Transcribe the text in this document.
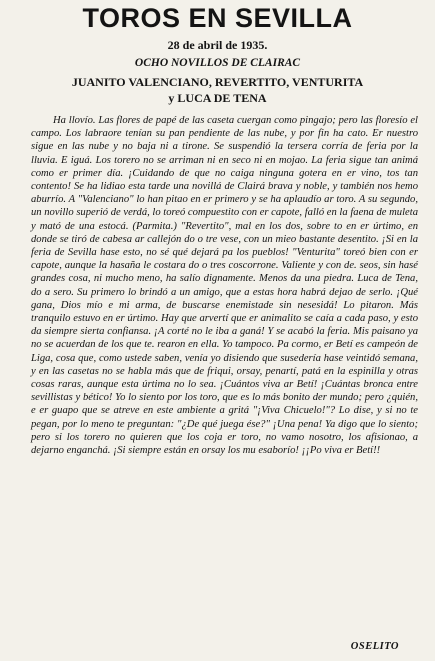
TOROS EN SEVILLA
28 de abril de 1935.
OCHO NOVILLOS DE CLAIRAC
JUANITO VALENCIANO, REVERTITO, VENTURITA
y LUCA DE TENA

Ha llovío. Las flores de papé de las caseta cuergan como pingajo; pero las floresío el campo. Los labraore tenían su pan pendiente de las nube, y por fin ha cato. Er nuestro sigue en las nube y no baja ni a tirone. Se suspendió la tersera corría de feria por la lluvia. E iguá. Los torero no se arriman ni en seco ni en mojao. La feria sigue tan animá como er primer día. ¡Cuidando de que no caiga ninguna gotera en er vino, tos tan contento! Se ha lidiao esta tarde una novillá de Clairá brava y noble, y también nos hemo aburrío. A "Valenciano" lo han pitao en er primero y se ha aplaudío ar toro. A su segundo, un novillo superió de verdá, lo toreó compuestito con er capote, falló en la faena de muleta y mató de una estocá. (Parmita.) "Revertito", mal en los dos, sobre to en er úrtimo, en donde se tiró de cabesa ar callejón do o tre vese, con un mieo bastante desentito. ¡Si en la feria de Sevilla hase esto, no sé qué dejará pa los pueblos! "Venturita" toreó bien con er capote, aunque la hasaña le costara do o tres coscorrone. Valiente y con de. seos, sin hasé grandes cosa, ni mucho meno, ha salío dignamente. Menos da una piedra. Luca de Tena, do a sero. Su primero lo brindó a un amigo, que a estas hora habrá dejao de serlo. ¡Qué gana, Dios mío e mi arma, de buscarse enemistade sin nesesidá! Lo pitaron. Más tranquilo estuvo en er úrtimo. Hay que arvertí que er animalito se caía a cada paso, y esto da siempre sierta confiansa. ¡A corté no le iba a ganá! Y se acabó la feria. Mis paisano ya no se acuerdan de los que te. rearon en ella. Yo tampoco. Pa cormo, er Betí es campeón de Liga, cosa que, como ustede saben, venía yo disiendo que susedería hase veintidó semana, y en las casetas no se habla más que de friqui, orsay, penartí, patá en la espinilla y otras cosas raras, aunque esta úrtima no lo sea. ¡Cuántos viva ar Betí! ¡Cuántas bronca entre sevillistas y bético! Yo lo siento por los toro, que es lo más bonito der mundo; pero ¿quién, e er guapo que se atreve en este ambiente a gritá "¡Viva Chicuelo!"? Lo dise, y si no te pegan, por lo meno te preguntan: "¿De qué juega ése?" ¡Una pena! Ya digo que lo siento; pero si los torero no quieren que los coja er toro, no vamo nosotro, los afisionao, a dejarno enganchá. ¡Si siempre están en orsay los mu esaborío! ¡¡Po viva er Betí!!

OSELITO
